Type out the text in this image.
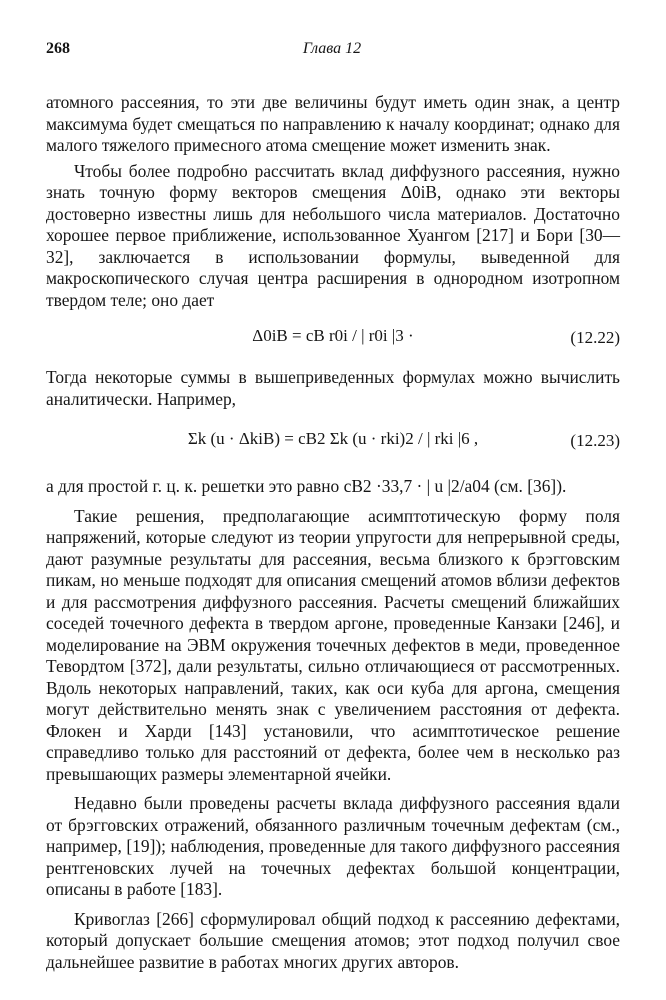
268	Глава 12

атомного рассеяния, то эти две величины будут иметь один знак, а центр максимума будет смещаться по направлению к началу координат; однако для малого тяжелого примесного атома смещение может изменить знак.

Чтобы более подробно рассчитать вклад диффузного рассеяния, нужно знать точную форму векторов смещения Δ0iB, однако эти векторы достоверно известны лишь для небольшого числа материалов. Достаточно хорошее первое приближение, использованное Хуангом [217] и Бори [30—32], заключается в использовании формулы, выведенной для макроскопического случая центра расширения в однородном изотропном твердом теле; оно дает

Δ0iB = cB r0i / | r0i |3 ·	(12.22)

Тогда некоторые суммы в вышеприведенных формулах можно вычислить аналитически. Например,

Σk (u · ΔkiB) = cB2 Σk (u · rki)2 / | rki |6 ,	(12.23)

а для простой г. ц. к. решетки это равно cB2 ·33,7 · | u |2/a04 (см. [36]).

Такие решения, предполагающие асимптотическую форму поля напряжений, которые следуют из теории упругости для непрерывной среды, дают разумные результаты для рассеяния, весьма близкого к брэгговским пикам, но меньше подходят для описания смещений атомов вблизи дефектов и для рассмотрения диффузного рассеяния. Расчеты смещений ближайших соседей точечного дефекта в твердом аргоне, проведенные Канзаки [246], и моделирование на ЭВМ окружения точечных дефектов в меди, проведенное Тевордтом [372], дали результаты, сильно отличающиеся от рассмотренных. Вдоль некоторых направлений, таких, как оси куба для аргона, смещения могут действительно менять знак с увеличением расстояния от дефекта. Флокен и Харди [143] установили, что асимптотическое решение справедливо только для расстояний от дефекта, более чем в несколько раз превышающих размеры элементарной ячейки.

Недавно были проведены расчеты вклада диффузного рассеяния вдали от брэгговских отражений, обязанного различным точечным дефектам (см., например, [19]); наблюдения, проведенные для такого диффузного рассеяния рентгеновских лучей на точечных дефектах большой концентрации, описаны в работе [183].

Кривоглаз [266] сформулировал общий подход к рассеянию дефектами, который допускает большие смещения атомов; этот подход получил свое дальнейшее развитие в работах многих других авторов.
